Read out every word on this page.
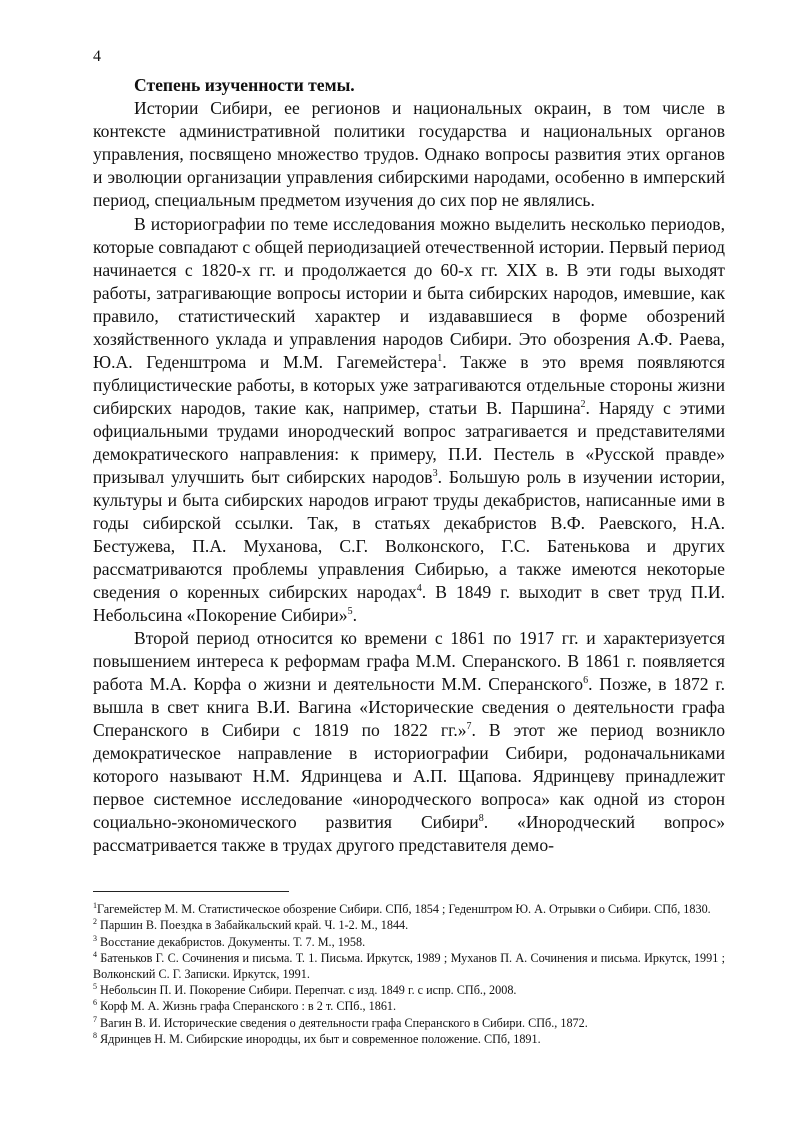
4
Степень изученности темы.

Истории Сибири, ее регионов и национальных окраин, в том числе в контексте административной политики государства и национальных органов управления, посвящено множество трудов. Однако вопросы развития этих органов и эволюции организации управления сибирскими народами, особенно в имперский период, специальным предметом изучения до сих пор не являлись.

В историографии по теме исследования можно выделить несколько периодов, которые совпадают с общей периодизацией отечественной истории. Первый период начинается с 1820-х гг. и продолжается до 60-х гг. XIX в. В эти годы выходят работы, затрагивающие вопросы истории и быта сибирских народов, имевшие, как правило, статистический характер и издававшиеся в форме обозрений хозяйственного уклада и управления народов Сибири. Это обозрения А.Ф. Раева, Ю.А. Геденштрома и М.М. Гагемейстера$^1$. Также в это время появляются публицистические работы, в которых уже затрагиваются отдельные стороны жизни сибирских народов, такие как, например, статьи В. Паршина$^2$. Наряду с этими официальными трудами инородческий вопрос затрагивается и представителями демократического направления: к примеру, П.И. Пестель в «Русской правде» призывал улучшить быт сибирских народов$^3$. Большую роль в изучении истории, культуры и быта сибирских народов играют труды декабристов, написанные ими в годы сибирской ссылки. Так, в статьях декабристов В.Ф. Раевского, Н.А. Бестужева, П.А. Муханова, С.Г. Волконского, Г.С. Батенькова и других рассматриваются проблемы управления Сибирью, а также имеются некоторые сведения о коренных сибирских народах$^4$. В 1849 г. выходит в свет труд П.И. Небольсина «Покорение Сибири»$^5$.

Второй период относится ко времени с 1861 по 1917 гг. и характеризуется повышением интереса к реформам графа М.М. Сперанского. В 1861 г. появляется работа М.А. Корфа о жизни и деятельности М.М. Сперанского$^6$. Позже, в 1872 г. вышла в свет книга В.И. Вагина «Исторические сведения о деятельности графа Сперанского в Сибири с 1819 по 1822 гг.»$^7$. В этот же период возникло демократическое направление в историографии Сибири, родоначальниками которого называют Н.М. Ядринцева и А.П. Щапова. Ядринцеву принадлежит первое системное исследование «инородческого вопроса» как одной из сторон социально-экономического развития Сибири$^8$. «Инородческий вопрос» рассматривается также в трудах другого представителя демо-

$^1$Гагемейстер М. М. Статистическое обозрение Сибири. СПб, 1854 ; Геденштром Ю. А. Отрывки о Сибири. СПб, 1830.
$^2$ Паршин В. Поездка в Забайкальский край. Ч. 1-2. М., 1844.
$^3$ Восстание декабристов. Документы. Т. 7. М., 1958.
$^4$ Батеньков Г. С. Сочинения и письма. Т. 1. Письма. Иркутск, 1989 ; Муханов П. А. Сочинения и письма. Иркутск, 1991 ; Волконский С. Г. Записки. Иркутск, 1991.
$^5$ Небольсин П. И. Покорение Сибири. Перепчат. с изд. 1849 г. с испр. СПб., 2008.
$^6$ Корф М. А. Жизнь графа Сперанского : в 2 т. СПб., 1861.
$^7$ Вагин В. И. Исторические сведения о деятельности графа Сперанского в Сибири. СПб., 1872.
$^8$ Ядринцев Н. М. Сибирские инородцы, их быт и современное положение. СПб, 1891.
